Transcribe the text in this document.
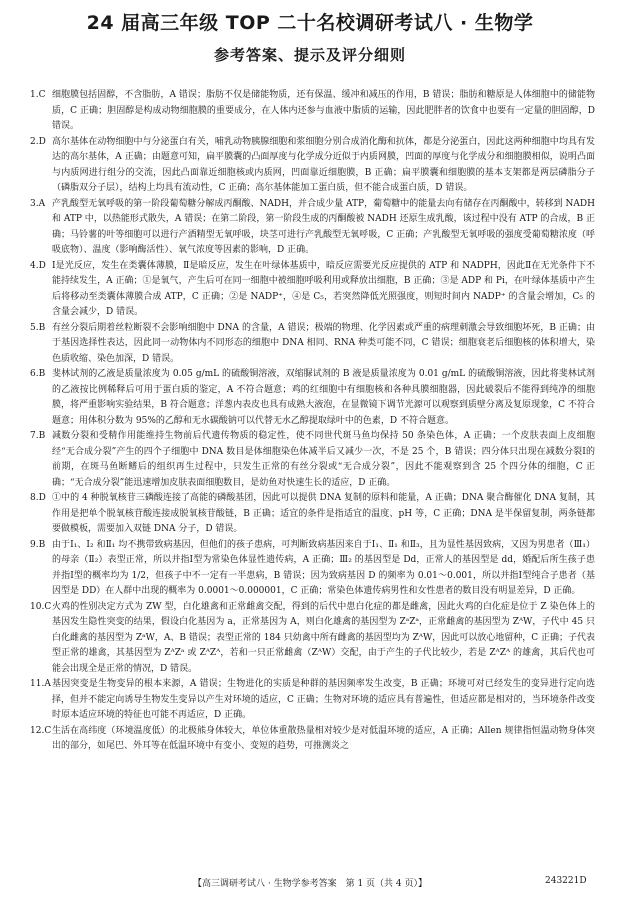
24 届高三年级 TOP 二十名校调研考试八 · 生物学
参考答案、提示及评分细则

1.C 细胞膜包括固醇，不含脂肪，A 错误；脂肪不仅是储能物质，还有保温、缓冲和减压的作用，B 错误；脂肪和糖原是人体细胞中的储能物质，C 正确；胆固醇是构成动物细胞膜的重要成分，在人体内还参与血液中脂质的运输，因此肥胖者的饮食中也要有一定量的胆固醇，D 错误。

2.D 高尔基体在动物细胞中与分泌蛋白有关，哺乳动物胰腺细胞和浆细胞分别合成消化酶和抗体，都是分泌蛋白，因此这两种细胞中均具有发达的高尔基体，A 正确；由题意可知，扁平膜囊的凸面厚度与化学成分近似于内质网膜，凹面的厚度与化学成分和细胞膜相似，说明凸面与内质网进行组分的交流，因此凸面靠近细胞核或内质网，凹面靠近细胞膜，B 正确；扁平膜囊和细胞膜的基本支架都是两层磷脂分子（磷脂双分子层），结构上均具有流动性，C 正确；高尔基体能加工蛋白质，但不能合成蛋白质，D 错误。

3.A 产乳酸型无氧呼吸的第一阶段葡萄糖分解成丙酮酸、NADH，并合成少量 ATP，葡萄糖中的能量去向有储存在丙酮酸中，转移到 NADH 和 ATP 中，以热能形式散失，A 错误；在第二阶段，第一阶段生成的丙酮酸被 NADH 还原生成乳酸，该过程中没有 ATP 的合成，B 正确；马铃薯的叶等细胞可以进行产酒精型无氧呼吸，块茎可进行产乳酸型无氧呼吸，C 正确；产乳酸型无氧呼吸的强度受葡萄糖浓度（呼吸底物）、温度（影响酶活性）、氧气浓度等因素的影响，D 正确。

4.D Ⅰ是光反应，发生在类囊体薄膜，Ⅱ是暗反应，发生在叶绿体基质中，暗反应需要光反应提供的 ATP 和 NADPH，因此Ⅱ在无光条件下不能持续发生，A 正确；①是氧气，产生后可在同一细胞中被细胞呼吸利用或释放出细胞，B 正确；③是 ADP 和 Pi，在叶绿体基质中产生后将移动至类囊体薄膜合成 ATP，C 正确；②是 NADP⁺，④是 C₅，若突然降低光照强度，则短时间内 NADP⁺ 的含量会增加，C₅ 的含量会减少，D 错误。

5.B 有丝分裂后期着丝粒断裂不会影响细胞中 DNA 的含量，A 错误；极端的物理、化学因素或严重的病理刺激会导致细胞坏死，B 正确；由于基因选择性表达，因此同一动物体内不同形态的细胞中 DNA 相同、RNA 种类可能不同，C 错误；细胞衰老后细胞核的体积增大，染色质收缩、染色加深，D 错误。

6.B 斐林试剂的乙液是质量浓度为 0.05 g/mL 的硫酸铜溶液，双缩脲试剂的 B 液是质量浓度为 0.01 g/mL 的硫酸铜溶液，因此将斐林试剂的乙液按比例稀释后可用于蛋白质的鉴定，A 不符合题意；鸡的红细胞中有细胞核和各种具膜细胞器，因此破裂后不能得到纯净的细胞膜，将严重影响实验结果，B 符合题意；洋葱内表皮也具有成熟大液泡，在显微镜下调节光源可以观察到质壁分离及复原现象，C 不符合题意；用体积分数为 95%的乙醇和无水碳酸钠可以代替无水乙醇提取绿叶中的色素，D 不符合题意。

7.B 减数分裂和受精作用能维持生物前后代遗传物质的稳定性，使不同世代斑马鱼均保持 50 条染色体，A 正确；一个皮肤表面上皮细胞经“无合成分裂”产生的四个子细胞中 DNA 数目是体细胞染色体减半后又减少一次，不是 25 个，B 错误；四分体只出现在减数分裂Ⅰ的前期，在斑马鱼断鳍后的组织再生过程中，只发生正常的有丝分裂或“无合成分裂”，因此不能观察到含 25 个四分体的细胞，C 正确；“无合成分裂”能迅速增加皮肤表面细胞数目，是幼鱼对快速生长的适应，D 正确。

8.D ①中的 4 种脱氧核苷三磷酸连接了高能的磷酸基团，因此可以提供 DNA 复制的原料和能量，A 正确；DNA 聚合酶催化 DNA 复制，其作用是把单个脱氧核苷酸连接成脱氧核苷酸链，B 正确；适宜的条件是指适宜的温度、pH 等，C 正确；DNA 是半保留复制，两条链都要做模板，需要加入双链 DNA 分子，D 错误。

9.B 由于Ⅰ₁、Ⅰ₂ 和Ⅱ₁ 均不携带致病基因，但他们的孩子患病，可判断致病基因来自于Ⅰ₁、Ⅱ₁ 和Ⅱ₃，且为显性基因致病，又因为男患者（Ⅲ₁）的母亲（Ⅱ₂）表型正常，所以并指Ⅰ型为常染色体显性遗传病，A 正确；Ⅲ₂ 的基因型是 Dd，正常人的基因型是 dd，婚配后所生孩子患并指Ⅰ型的概率均为 1/2，但孩子中不一定有一半患病，B 错误；因为致病基因 D 的频率为 0.01～0.001，所以并指Ⅰ型纯合子患者（基因型是 DD）在人群中出现的概率为 0.0001～0.000001，C 正确；常染色体遗传病男性和女性患者的数目没有明显差异，D 正确。

10.C 火鸡的性别决定方式为 ZW 型，白化雄禽和正常雌禽交配，得到的后代中患白化症的都是雌禽，因此火鸡的白化症是位于 Z 染色体上的基因发生隐性突变的结果，假设白化基因为 a，正常基因为 A，则白化雄禽的基因型为 ZᵃZᵃ，正常雌禽的基因型为 ZᴬW，子代中 45 只白化雌禽的基因型为 ZᵃW，A、B 错误；表型正常的 184 只幼禽中所有雌禽的基因型均为 ZᴬW，因此可以放心地留种，C 正确；子代表型正常的雄禽，其基因型为 ZᴬZᵃ 或 ZᴬZᴬ，若和一只正常雌禽（ZᴬW）交配，由于产生的子代比较少，若是 ZᴬZᴬ 的雄禽，其后代也可能会出现全是正常的情况，D 错误。

11.A 基因突变是生物变异的根本来源，A 错误；生物进化的实质是种群的基因频率发生改变，B 正确；环境可对已经发生的变异进行定向选择，但并不能定向诱导生物发生变异以产生对环境的适应，C 正确；生物对环境的适应具有普遍性，但适应都是相对的，当环境条件改变时原本适应环境的特征也可能不再适应，D 正确。

12.C 生活在高纬度（环境温度低）的北极熊身体较大，单位体重散热量相对较少是对低温环境的适应，A 正确；Allen 规律指恒温动物身体突出的部分，如尾巴、外耳等在低温环境中有变小、变短的趋势，可推测炎之

【高三调研考试八 · 生物学参考答案　第 1 页（共 4 页）】	243221D
